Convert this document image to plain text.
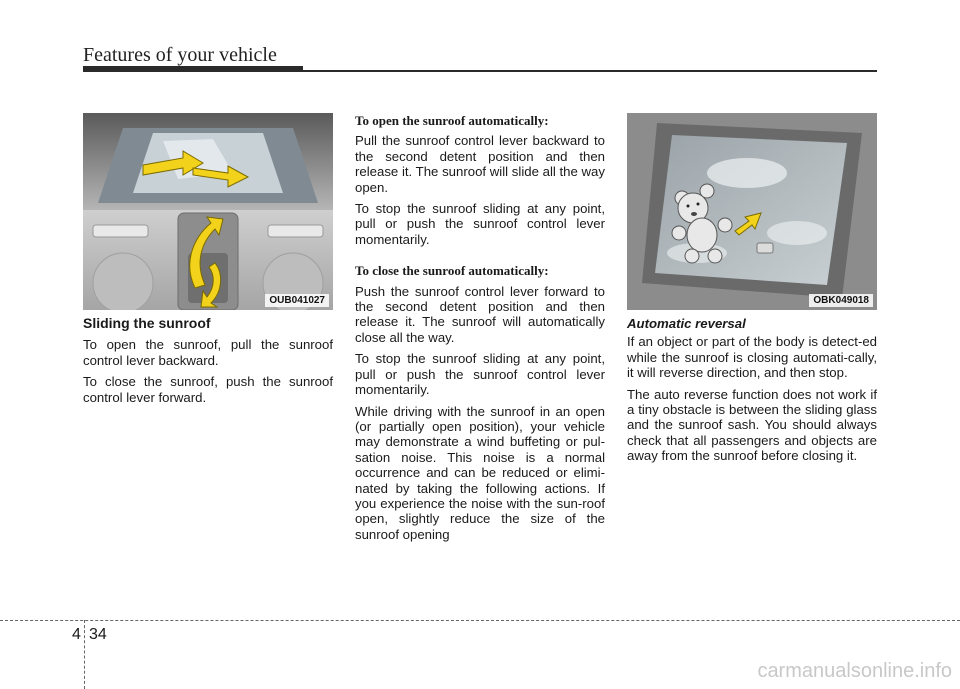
Features of your vehicle
OUB041027	OBK049018

Sliding the sunroof

To open the sunroof, pull the sunroof control lever backward.

To close the sunroof, push the sunroof control lever forward.

To open the sunroof automatically:

Pull the sunroof control lever backward to the second detent position and then release it. The sunroof will slide all the way open.

To stop the sunroof sliding at any point, pull or push the sunroof control lever momentarily.

To close the sunroof automatically:

Push the sunroof control lever forward to the second detent position and then release it. The sunroof will automatically close all the way.

To stop the sunroof sliding at any point, pull or push the sunroof control lever momentarily.

While driving with the sunroof in an open (or partially open position), your vehicle may demonstrate a wind buffeting or pul-sation noise. This noise is a normal occurrence and can be reduced or elimi-nated by taking the following actions. If you experience the noise with the sun-roof open, slightly reduce the size of the sunroof opening

Automatic reversal

If an object or part of the body is detect-ed while the sunroof is closing automati-cally, it will reverse direction, and then stop.

The auto reverse function does not work if a tiny obstacle is between the sliding glass and the sunroof sash. You should always check that all passengers and objects are away from the sunroof before closing it.

4 34
carmanualsonline.info
